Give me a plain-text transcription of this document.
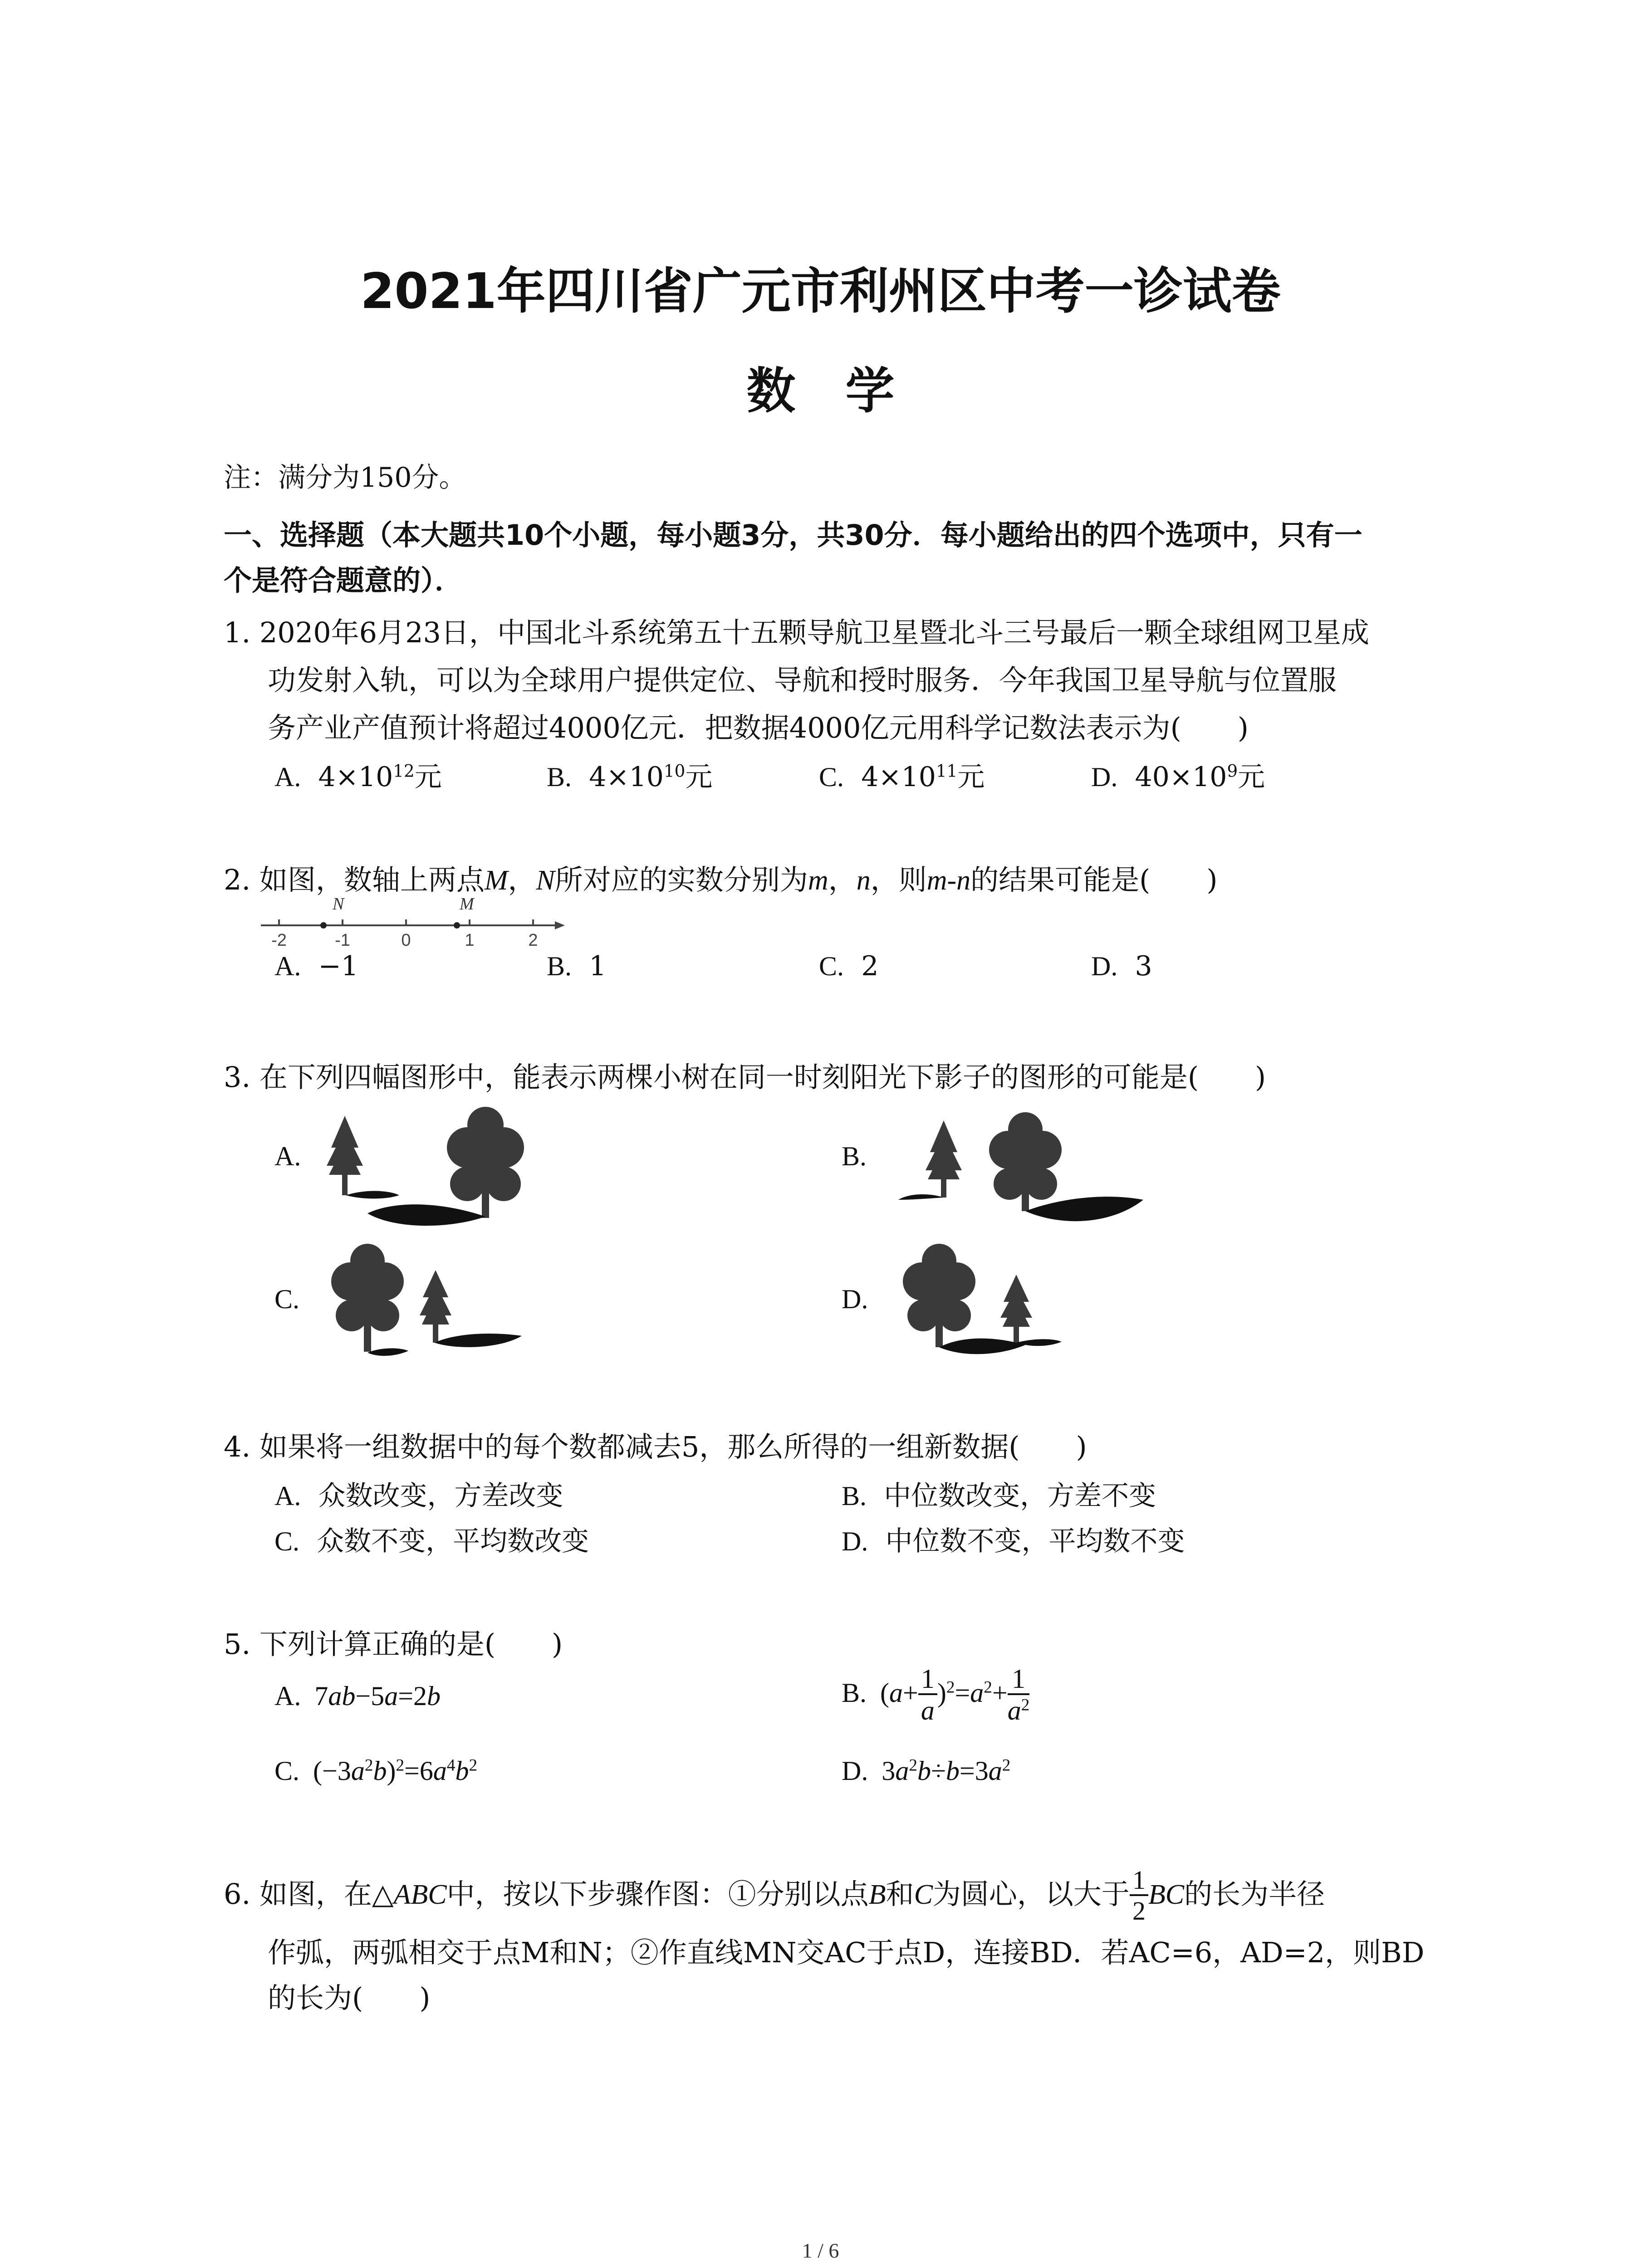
2021年四川省广元市利州区中考一诊试卷
数学
注：满分为150分。
一、选择题（本大题共10个小题，每小题3分，共30分．每小题给出的四个选项中，只有一
个是符合题意的）．
1. 2020年6月23日，中国北斗系统第五十五颗导航卫星暨北斗三号最后一颗全球组网卫星成
功发射入轨，可以为全球用户提供定位、导航和授时服务．今年我国卫星导航与位置服
务产业产值预计将超过4000亿元．把数据4000亿元用科学记数法表示为(　　)
A. $4\times 10^{12}$元	B. $4\times 10^{10}$元	C. $4\times 10^{11}$元	D. $40\times 10^9$元
2. 如图，数轴上两点M，N所对应的实数分别为m，n，则m-n的结果可能是(　　)
-2	-1	0	1	2
N	M
A. −1	B. 1	C. 2	D. 3
3. 在下列四幅图形中，能表示两棵小树在同一时刻阳光下影子的图形的可能是(　　)
A.	B.
C.	D.
4. 如果将一组数据中的每个数都减去5，那么所得的一组新数据(　　)
A. 众数改变，方差改变	B. 中位数改变，方差不变
C. 众数不变，平均数改变	D. 中位数不变，平均数不变
5. 下列计算正确的是(　　)
A.  7ab−5a=2b	B.  $(a+ \frac{1}{a} )^2=a^2+ \frac{1}{a^2}$
C.  $(-3a^2b)^2=6a^4b^2$	D.  $3a^2b\div b=3a^2$
6. 如图，在△ABC中，按以下步骤作图：①分别以点B和C为圆心，以大于 $\frac{1}{2}$ BC的长为半径
作弧，两弧相交于点M和N；②作直线MN交AC于点D，连接BD．若AC=6，AD=2，则BD
的长为(　　)
1 / 6
